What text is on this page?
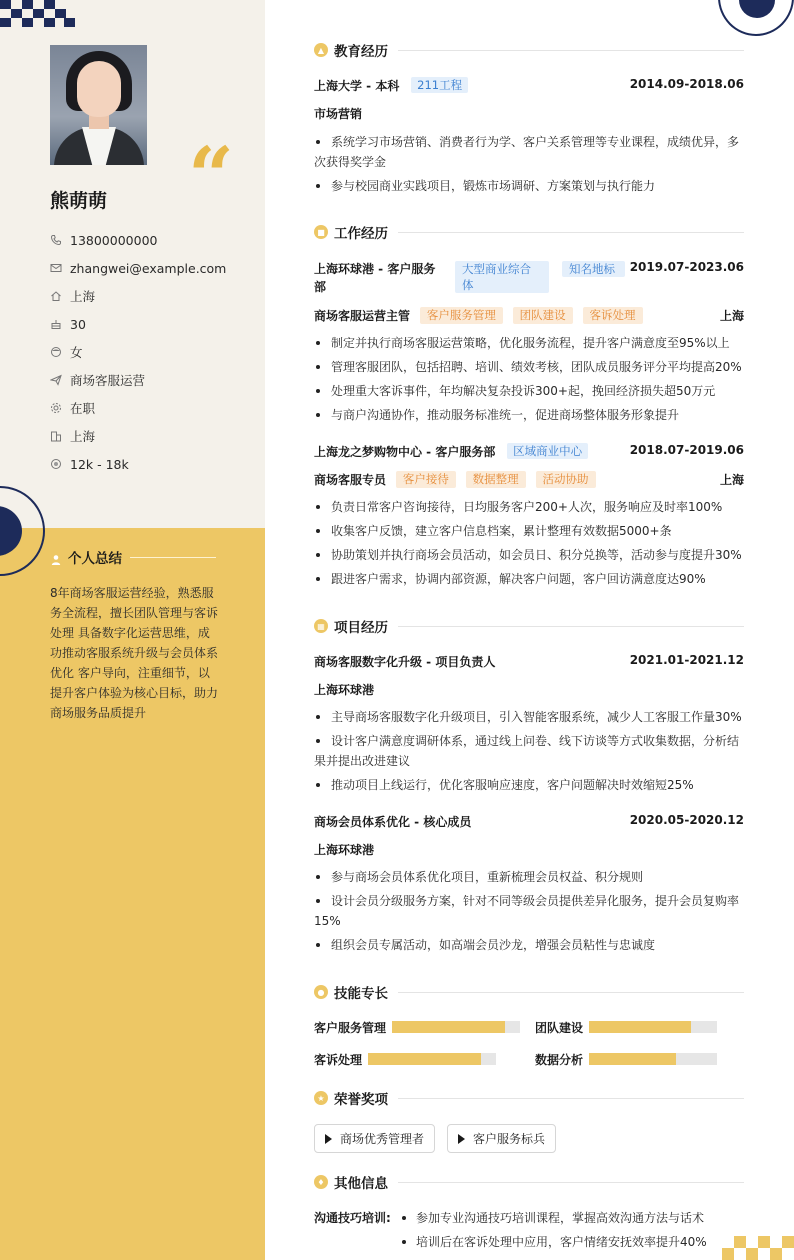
“
熊萌萌
13800000000
zhangwei@example.com
上海
30
女
商场客服运营
在职
上海
12k - 18k
个人总结
8年商场客服运营经验，熟悉服务全流程，擅长团队管理与客诉处理 具备数字化运营思维，成功推动客服系统升级与会员体系优化 客户导向，注重细节，以提升客户体验为核心目标，助力商场服务品质提升
▲ 教育经历
上海大学 - 本科 211工程	2014.09-2018.06
市场营销
系统学习市场营销、消费者行为学、客户关系管理等专业课程，成绩优异，多次获得奖学金
参与校园商业实践项目，锻炼市场调研、方案策划与执行能力
■ 工作经历
上海环球港 - 客户服务部
大型商业综合体
知名地标	2019.07-2023.06
商场客服运营主管 客户服务管理 团队建设 客诉处理	上海
制定并执行商场客服运营策略，优化服务流程，提升客户满意度至95%以上
管理客服团队，包括招聘、培训、绩效考核，团队成员服务评分平均提高20%
处理重大客诉事件，年均解决复杂投诉300+起，挽回经济损失超50万元
与商户沟通协作，推动服务标准统一，促进商场整体服务形象提升
上海龙之梦购物中心 - 客户服务部 区域商业中心	2018.07-2019.06
商场客服专员 客户接待 数据整理 活动协助	上海
负责日常客户咨询接待，日均服务客户200+人次，服务响应及时率100%
收集客户反馈，建立客户信息档案，累计整理有效数据5000+条
协助策划并执行商场会员活动，如会员日、积分兑换等，活动参与度提升30%
跟进客户需求，协调内部资源，解决客户问题，客户回访满意度达90%
▦ 项目经历
商场客服数字化升级 - 项目负责人	2021.01-2021.12
上海环球港
主导商场客服数字化升级项目，引入智能客服系统，减少人工客服工作量30%
设计客户满意度调研体系，通过线上问卷、线下访谈等方式收集数据，分析结果并提出改进建议
推动项目上线运行，优化客服响应速度，客户问题解决时效缩短25%
商场会员体系优化 - 核心成员	2020.05-2020.12
上海环球港
参与商场会员体系优化项目，重新梳理会员权益、积分规则
设计会员分级服务方案，针对不同等级会员提供差异化服务，提升会员复购率15%
组织会员专属活动，如高端会员沙龙，增强会员粘性与忠诚度
● 技能专长
客户服务管理	团队建设
客诉处理	数据分析
★ 荣誉奖项
商场优秀管理者	客户服务标兵
♦ 其他信息
沟通技巧培训:	参加专业沟通技巧培训课程，掌握高效沟通方法与话术
培训后在客诉处理中应用，客户情绪安抚效率提升40%
